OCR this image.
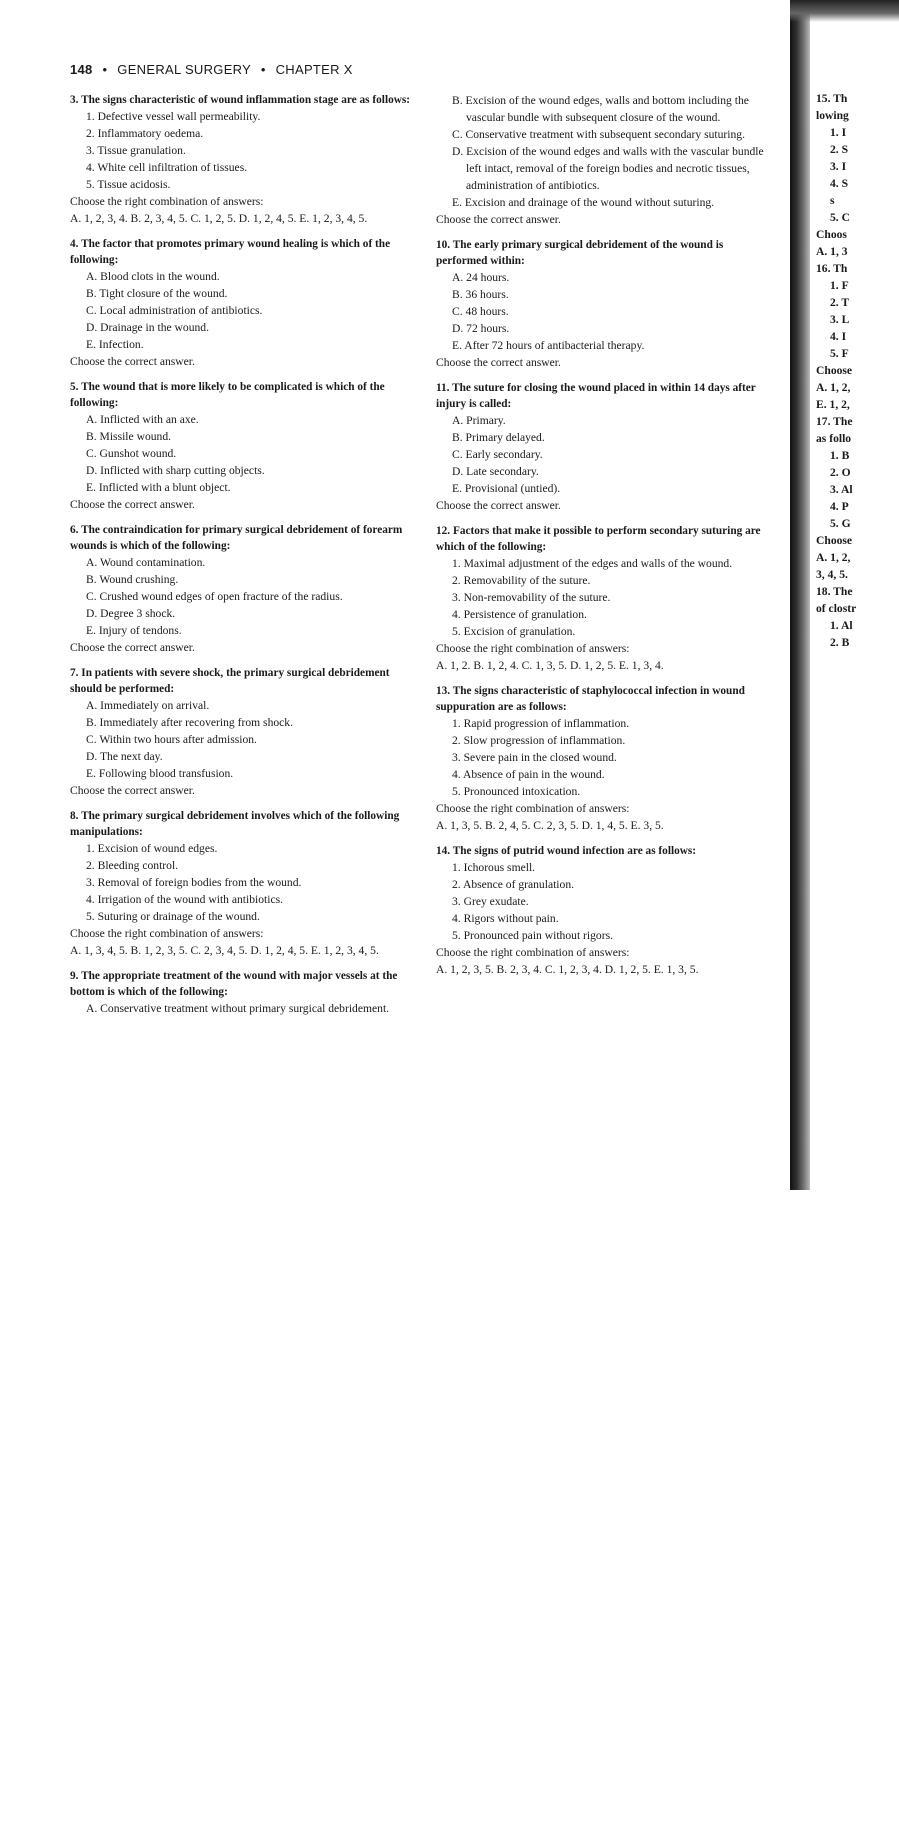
148 • GENERAL SURGERY • CHAPTER X
3. The signs characteristic of wound inflammation stage are as follows:
1. Defective vessel wall permeability.
2. Inflammatory oedema.
3. Tissue granulation.
4. White cell infiltration of tissues.
5. Tissue acidosis.
Choose the right combination of answers:
A. 1, 2, 3, 4. B. 2, 3, 4, 5. C. 1, 2, 5. D. 1, 2, 4, 5. E. 1, 2, 3, 4, 5.
4. The factor that promotes primary wound healing is which of the following:
A. Blood clots in the wound.
B. Tight closure of the wound.
C. Local administration of antibiotics.
D. Drainage in the wound.
E. Infection.
Choose the correct answer.
5. The wound that is more likely to be complicated is which of the following:
A. Inflicted with an axe.
B. Missile wound.
C. Gunshot wound.
D. Inflicted with sharp cutting objects.
E. Inflicted with a blunt object.
Choose the correct answer.
6. The contraindication for primary surgical debridement of forearm wounds is which of the following:
A. Wound contamination.
B. Wound crushing.
C. Crushed wound edges of open fracture of the radius.
D. Degree 3 shock.
E. Injury of tendons.
Choose the correct answer.
7. In patients with severe shock, the primary surgical debridement should be performed:
A. Immediately on arrival.
B. Immediately after recovering from shock.
C. Within two hours after admission.
D. The next day.
E. Following blood transfusion.
Choose the correct answer.
8. The primary surgical debridement involves which of the following manipulations:
1. Excision of wound edges.
2. Bleeding control.
3. Removal of foreign bodies from the wound.
4. Irrigation of the wound with antibiotics.
5. Suturing or drainage of the wound.
Choose the right combination of answers:
A. 1, 3, 4, 5. B. 1, 2, 3, 5. C. 2, 3, 4, 5. D. 1, 2, 4, 5. E. 1, 2, 3, 4, 5.
9. The appropriate treatment of the wound with major vessels at the bottom is which of the following:
A. Conservative treatment without primary surgical debridement.
B. Excision of the wound edges, walls and bottom including the vascular bundle with subsequent closure of the wound.
C. Conservative treatment with subsequent secondary suturing.
D. Excision of the wound edges and walls with the vascular bundle left intact, removal of the foreign bodies and necrotic tissues, administration of antibiotics.
E. Excision and drainage of the wound without suturing.
Choose the correct answer.
10. The early primary surgical debridement of the wound is performed within:
A. 24 hours.
B. 36 hours.
C. 48 hours.
D. 72 hours.
E. After 72 hours of antibacterial therapy.
Choose the correct answer.
11. The suture for closing the wound placed in within 14 days after injury is called:
A. Primary.
B. Primary delayed.
C. Early secondary.
D. Late secondary.
E. Provisional (untied).
Choose the correct answer.
12. Factors that make it possible to perform secondary suturing are which of the following:
1. Maximal adjustment of the edges and walls of the wound.
2. Removability of the suture.
3. Non-removability of the suture.
4. Persistence of granulation.
5. Excision of granulation.
Choose the right combination of answers:
A. 1, 2. B. 1, 2, 4. C. 1, 3, 5. D. 1, 2, 5. E. 1, 3, 4.
13. The signs characteristic of staphylococcal infection in wound suppuration are as follows:
1. Rapid progression of inflammation.
2. Slow progression of inflammation.
3. Severe pain in the closed wound.
4. Absence of pain in the wound.
5. Pronounced intoxication.
Choose the right combination of answers:
A. 1, 3, 5. B. 2, 4, 5. C. 2, 3, 5. D. 1, 4, 5. E. 3, 5.
14. The signs of putrid wound infection are as follows:
1. Ichorous smell.
2. Absence of granulation.
3. Grey exudate.
4. Rigors without pain.
5. Pronounced pain without rigors.
Choose the right combination of answers:
A. 1, 2, 3, 5. B. 2, 3, 4. C. 1, 2, 3, 4. D. 1, 2, 5. E. 1, 3, 5.
15. Th
lowing
1. I
2. S
3. I
4. S
s
5. C
Choos
A. 1, 3
16. Th
1. F
2. T
3. L
4. I
5. F
Choose
A. 1, 2,
E. 1, 2,
17. The
as follo
1. B
2. O
3. Al
4. P
5. G
Choose
A. 1, 2,
3, 4, 5.
18. The
of clostr
1. Al
2. B
